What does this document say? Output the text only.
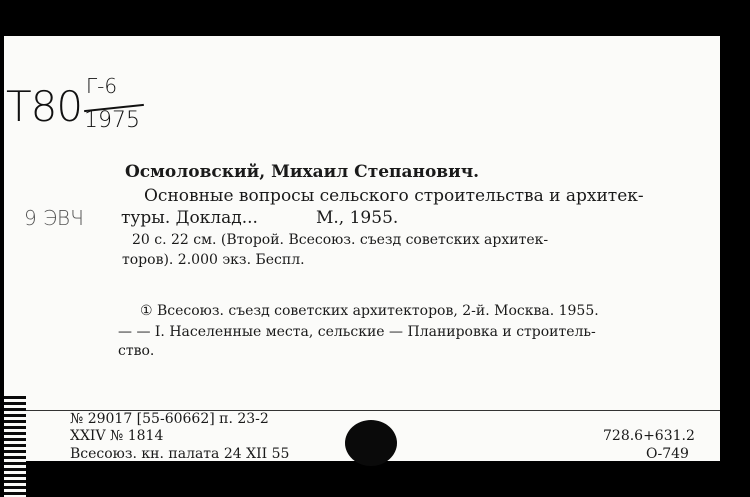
T80 Г-6
1975
9 ЭВЧ
Осмоловский, Михаил Степанович.
Основные вопросы сельского строительства и архитек-
туры. Доклад...	М., 1955.
20 с. 22 см. (Второй. Всесоюз. съезд советских архитек-
торов). 2.000 экз. Беспл.
① Всесоюз. съезд советских архитекторов, 2-й. Москва. 1955.
— — I. Населенные места, сельские — Планировка и строитель-
ство.
№ 29017 [55-60662] п. 23-2
XXIV № 1814
Всесоюз. кн. палата 24 XII 55
728.6+631.2
О-749
